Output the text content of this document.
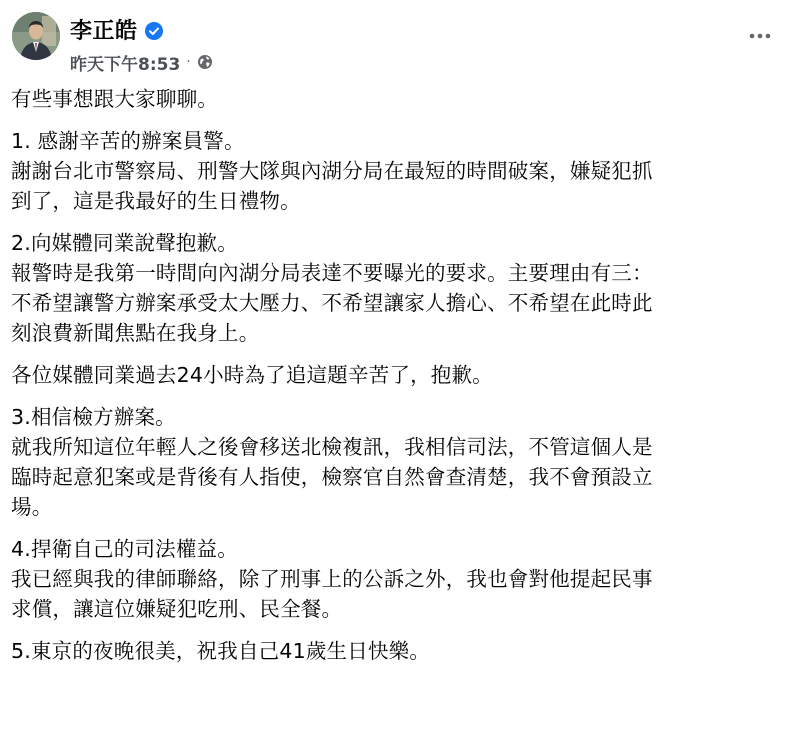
李正皓
昨天下午8:53 ·

有些事想跟大家聊聊。

1. 感謝辛苦的辦案員警。
謝謝台北市警察局、刑警大隊與內湖分局在最短的時間破案，嫌疑犯抓
到了，這是我最好的生日禮物。

2.向媒體同業說聲抱歉。
報警時是我第一時間向內湖分局表達不要曝光的要求。主要理由有三：
不希望讓警方辦案承受太大壓力、不希望讓家人擔心、不希望在此時此
刻浪費新聞焦點在我身上。

各位媒體同業過去24小時為了追這題辛苦了，抱歉。

3.相信檢方辦案。
就我所知這位年輕人之後會移送北檢複訊，我相信司法，不管這個人是
臨時起意犯案或是背後有人指使，檢察官自然會查清楚，我不會預設立
場。

4.捍衛自己的司法權益。
我已經與我的律師聯絡，除了刑事上的公訴之外，我也會對他提起民事
求償，讓這位嫌疑犯吃刑、民全餐。

5.東京的夜晚很美，祝我自己41歲生日快樂。
